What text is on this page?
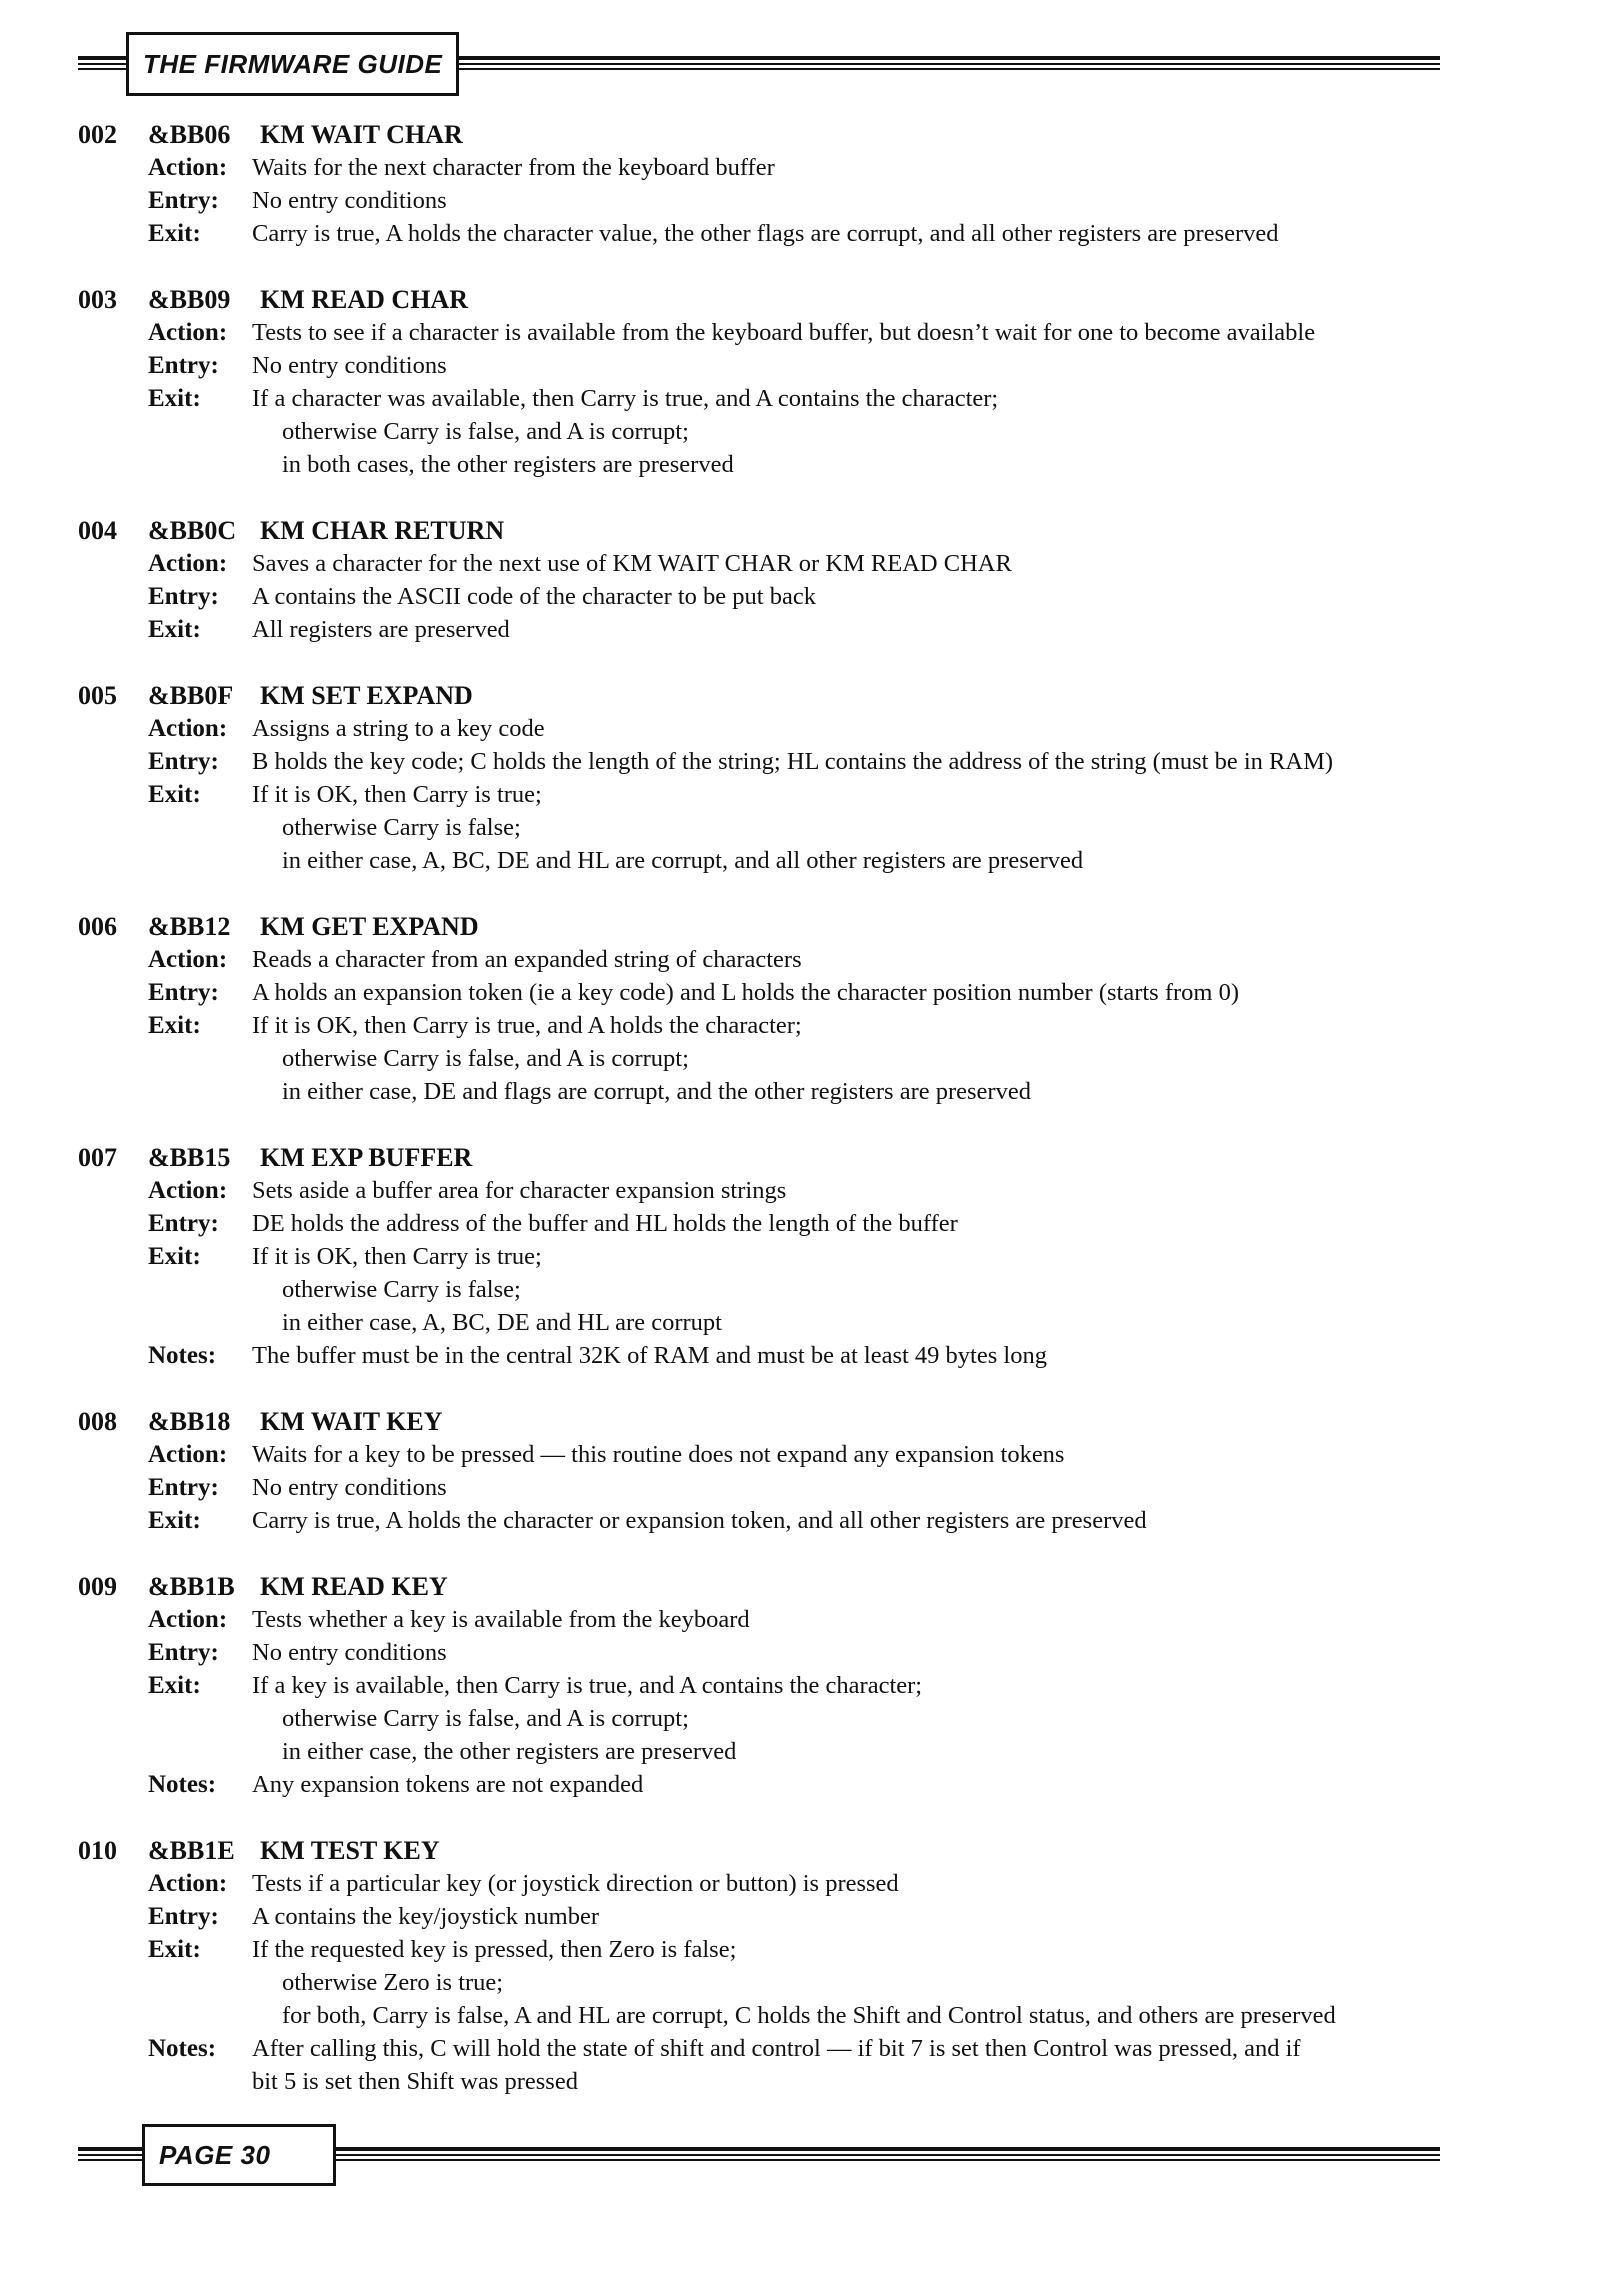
THE FIRMWARE GUIDE
002	&BB06	KM WAIT CHAR
Action:	Waits for the next character from the keyboard buffer
Entry:	No entry conditions
Exit:	Carry is true, A holds the character value, the other flags are corrupt, and all other registers are preserved
003	&BB09	KM READ CHAR
Action:	Tests to see if a character is available from the keyboard buffer, but doesn’t wait for one to become available
Entry:	No entry conditions
Exit:	If a character was available, then Carry is true, and A contains the character;
otherwise Carry is false, and A is corrupt;
in both cases, the other registers are preserved
004	&BB0C KM CHAR RETURN
Action:	Saves a character for the next use of KM WAIT CHAR or KM READ CHAR
Entry:	A contains the ASCII code of the character to be put back
Exit:	All registers are preserved
005	&BB0F	KM SET EXPAND
Action:	Assigns a string to a key code
Entry:	B holds the key code; C holds the length of the string; HL contains the address of the string (must be in RAM)
Exit:	If it is OK, then Carry is true;
otherwise Carry is false;
in either case, A, BC, DE and HL are corrupt, and all other registers are preserved
006	&BB12	KM GET EXPAND
Action:	Reads a character from an expanded string of characters
Entry:	A holds an expansion token (ie a key code) and L holds the character position number (starts from 0)
Exit:	If it is OK, then Carry is true, and A holds the character;
otherwise Carry is false, and A is corrupt;
in either case, DE and flags are corrupt, and the other registers are preserved
007	&BB15	KM EXP BUFFER
Action:	Sets aside a buffer area for character expansion strings
Entry:	DE holds the address of the buffer and HL holds the length of the buffer
Exit:	If it is OK, then Carry is true;
otherwise Carry is false;
in either case, A, BC, DE and HL are corrupt
Notes:	The buffer must be in the central 32K of RAM and must be at least 49 bytes long
008	&BB18	KM WAIT KEY
Action:	Waits for a key to be pressed — this routine does not expand any expansion tokens
Entry:	No entry conditions
Exit:	Carry is true, A holds the character or expansion token, and all other registers are preserved
009	&BB1B KM READ KEY
Action:	Tests whether a key is available from the keyboard
Entry:	No entry conditions
Exit:	If a key is available, then Carry is true, and A contains the character;
otherwise Carry is false, and A is corrupt;
in either case, the other registers are preserved
Notes:	Any expansion tokens are not expanded
010	&BB1E KM TEST KEY
Action:	Tests if a particular key (or joystick direction or button) is pressed
Entry:	A contains the key/joystick number
Exit:	If the requested key is pressed, then Zero is false;
otherwise Zero is true;
for both, Carry is false, A and HL are corrupt, C holds the Shift and Control status, and others are preserved
Notes:	After calling this, C will hold the state of shift and control — if bit 7 is set then Control was pressed, and if
bit 5 is set then Shift was pressed
PAGE 30
